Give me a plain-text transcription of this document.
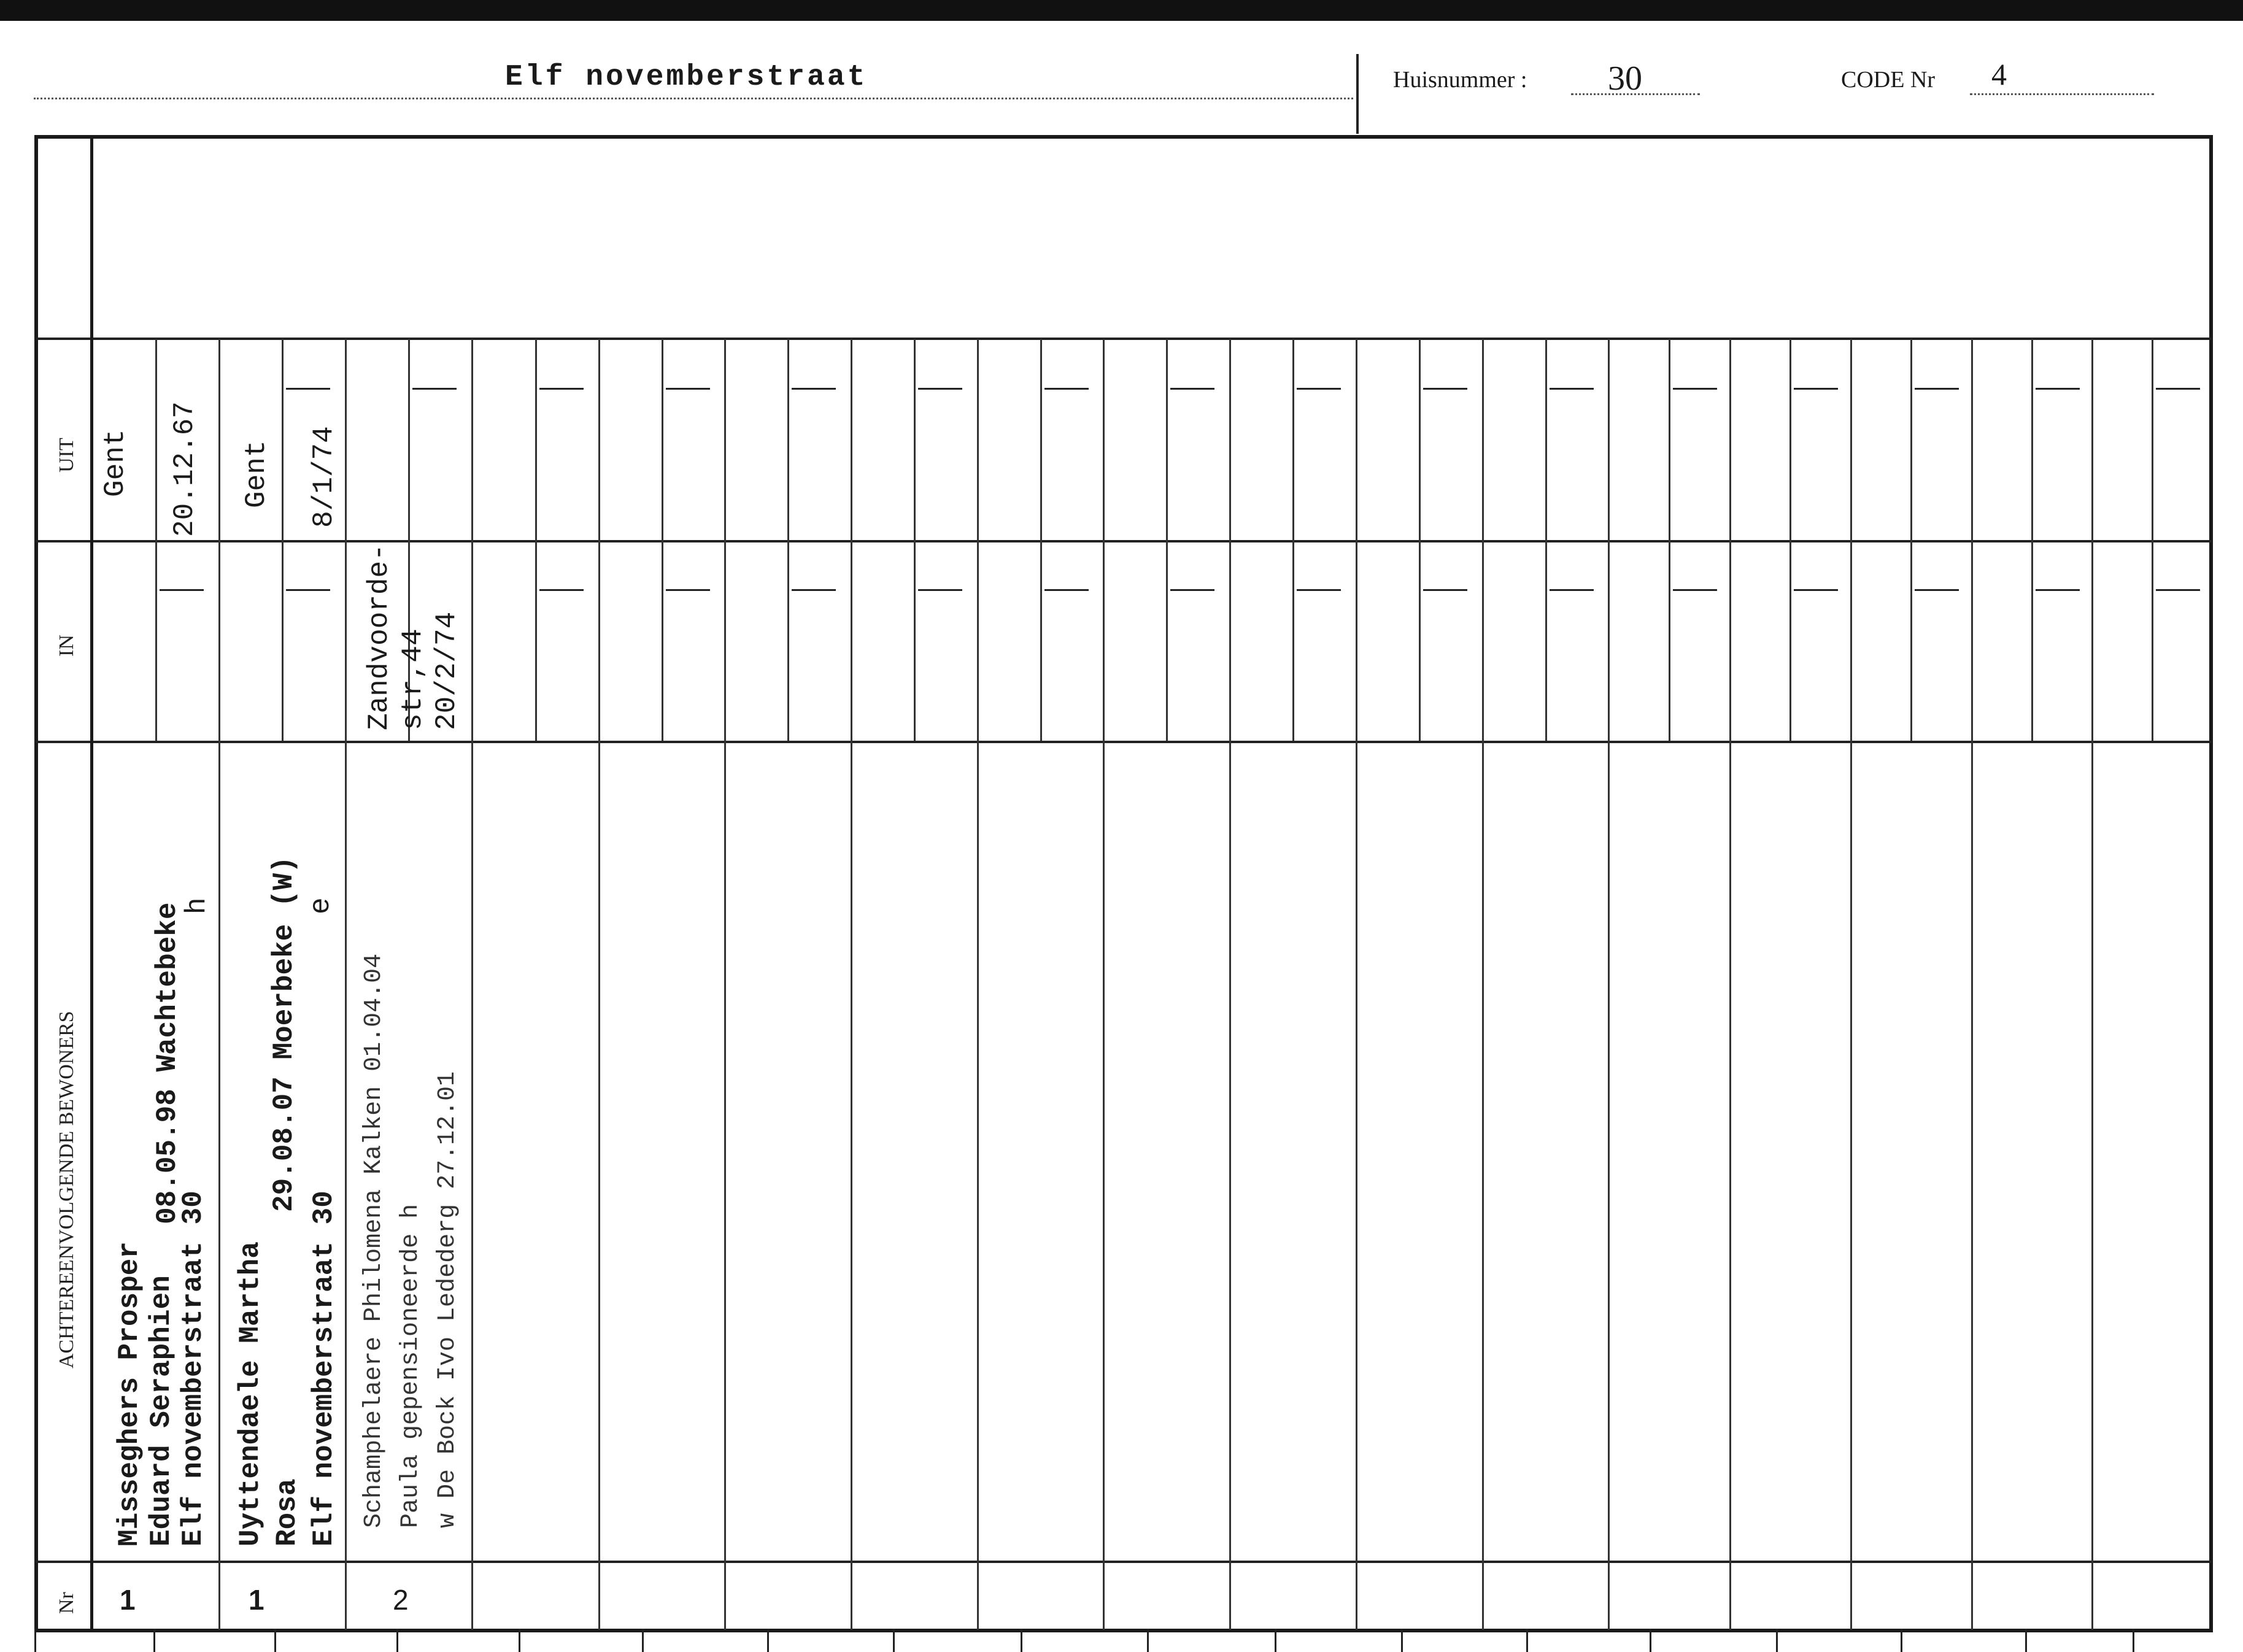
Elf novemberstraat	Huisnummer : 30	CODE Nr 4
UIT
IN
ACHTEREENVOLGENDE BEWONERS
Nr
Gent 20.12.67
Misseghers Prosper Eduard Seraphien Elf novemberstraat 30
08.05.98 Wachtebeke
h
1
Gent 8/1/74
Uyttendaele Martha Rosa Elf novemberstraat 30
29.08.07 Moerbeke (W) e
1
Zandvoorde- str,44 20/2/74
Schamphelaere Philomena Kalken 01.04.04 Paula gepensioneerde h w De Bock Ivo Ledederg 27.12.01
2
